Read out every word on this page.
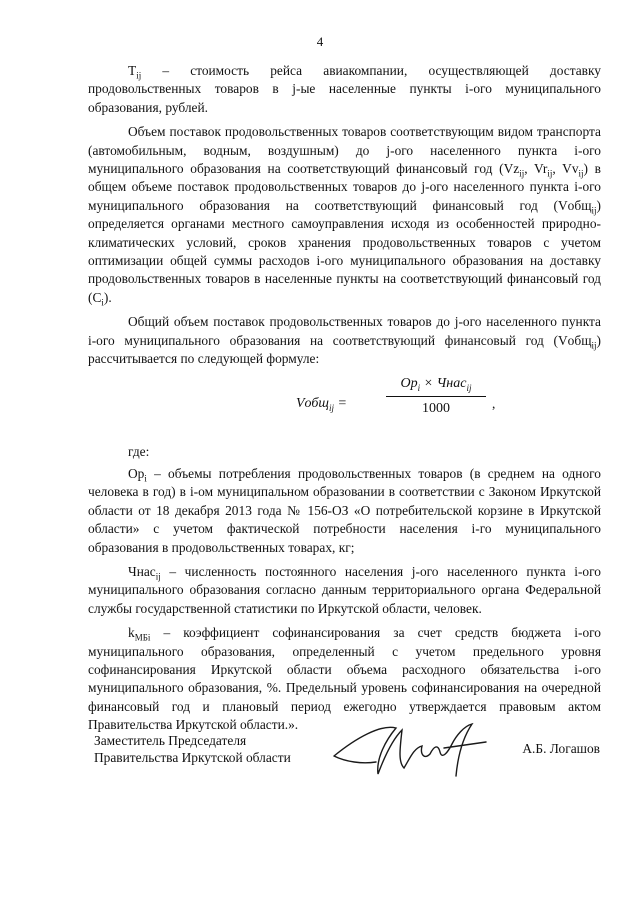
4

$T_{ij}$ – стоимость рейса авиакомпании, осуществляющей доставку продовольственных товаров в j-ые населенные пункты i-ого муниципального образования, рублей.

Объем поставок продовольственных товаров соответствующим видом транспорта (автомобильным, водным, воздушным) до j-ого населенного пункта i-ого муниципального образования на соответствующий финансовый год ($Vz_{ij}$, $Vr_{ij}$, $Vv_{ij}$) в общем объеме поставок продовольственных товаров до j-ого населенного пункта i-ого муниципального образования на соответствующий финансовый год (Vобщ$_{ij}$) определяется органами местного самоуправления исходя из особенностей природно-климатических условий, сроков хранения продовольственных товаров с учетом оптимизации общей суммы расходов i-ого муниципального образования на доставку продовольственных товаров в населенные пункты на соответствующий финансовый год $(C_i)$.

Общий объем поставок продовольственных товаров до j-ого населенного пункта i-ого муниципального образования на соответствующий финансовый год (Vобщ$_{ij}$) рассчитывается по следующей формуле:

Vобщ$_{ij}$ =
$Op_i$ × Чнас$_{ij}$
1000	,

где:

$Op_i$ – объемы потребления продовольственных товаров (в среднем на одного человека в год) в i-ом муниципальном образовании в соответствии с Законом Иркутской области от 18 декабря 2013 года № 156-ОЗ «О потребительской корзине в Иркутской области» с учетом фактической потребности населения i-го муниципального образования в продовольственных товарах, кг;

Чнас$_{ij}$ – численность постоянного населения j-ого населенного пункта i-ого муниципального образования согласно данным территориального органа Федеральной службы государственной статистики по Иркутской области, человек.

$k_{МБi}$ – коэффициент софинансирования за счет средств бюджета i-ого муниципального образования, определенный с учетом предельного уровня софинансирования Иркутской области объема расходного обязательства i-ого муниципального образования, %. Предельный уровень софинансирования на очередной финансовый год и плановый период ежегодно утверждается правовым актом Правительства Иркутской области.».

Заместитель Председателя
Правительства Иркутской области
А.Б. Логашов
